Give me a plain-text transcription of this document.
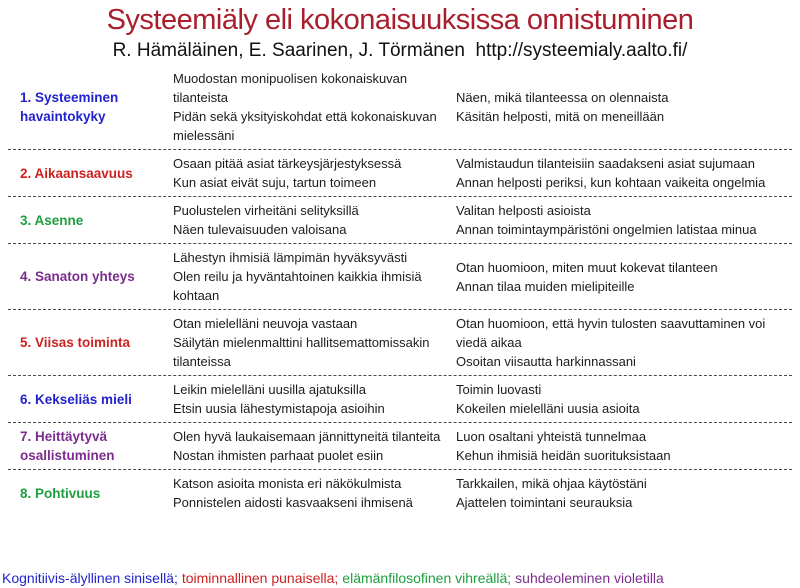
Systeemiäly eli kokonaisuuksissa onnistuminen
R. Hämäläinen, E. Saarinen, J. Törmänen  http://systeemialy.aalto.fi/
1. Systeeminen havaintokyky
Muodostan monipuolisen kokonaiskuvan tilanteista
Pidän sekä yksityiskohdat että kokonaiskuvan mielessäni
Näen, mikä tilanteessa on olennaista
Käsitän helposti, mitä on meneillään
2. Aikaansaavuus
Osaan pitää asiat tärkeysjärjestyksessä
Kun asiat eivät suju, tartun toimeen
Valmistaudun tilanteisiin saadakseni asiat sujumaan
Annan helposti periksi, kun kohtaan vaikeita ongelmia
3. Asenne
Puolustelen virheitäni selityksillä
Näen tulevaisuuden valoisana
Valitan helposti asioista
Annan toimintaympäristöni ongelmien latistaa minua
4. Sanaton yhteys
Lähestyn ihmisiä lämpimän hyväksyvästi
Olen reilu ja hyväntahtoinen kaikkia ihmisiä kohtaan
Otan huomioon, miten muut kokevat tilanteen
Annan tilaa muiden mielipiteille
5. Viisas toiminta
Otan mielelläni neuvoja vastaan
Säilytän mielenmalttini hallitsemattomissakin tilanteissa
Otan huomioon, että hyvin tulosten saavuttaminen voi viedä aikaa
Osoitan viisautta harkinnassani
6. Kekseliäs mieli
Leikin mielelläni uusilla ajatuksilla
Etsin uusia lähestymistapoja asioihin
Toimin luovasti
Kokeilen mielelläni uusia asioita
7. Heittäytyvä osallistuminen
Olen hyvä laukaisemaan jännittyneitä tilanteita
Nostan ihmisten parhaat puolet esiin
Luon osaltani yhteistä tunnelmaa
Kehun ihmisiä heidän suorituksistaan
8. Pohtivuus
Katson asioita monista eri näkökulmista
Ponnistelen aidosti kasvaakseni ihmisenä
Tarkkailen, mikä ohjaa käytöstäni
Ajattelen toimintani seurauksia
Kognitiivis-älyllinen sinisellä; toiminnallinen punaisella; elämänfilosofinen vihreällä; suhdeoleminen violetilla
